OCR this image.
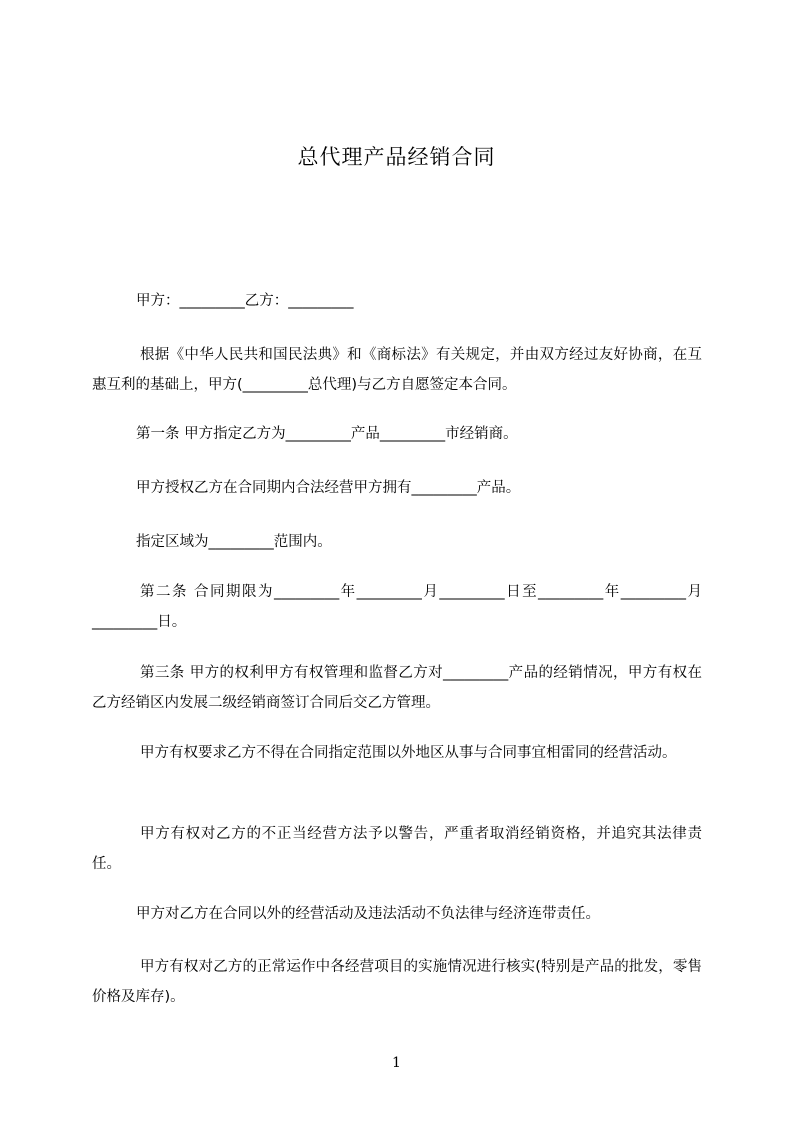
总代理产品经销合同

甲方：_________乙方：_________

根据《中华人民共和国民法典》和《商标法》有关规定，并由双方经过友好协商，在互惠互利的基础上，甲方(_________总代理)与乙方自愿签定本合同。

第一条 甲方指定乙方为_________产品_________市经销商。

甲方授权乙方在合同期内合法经营甲方拥有_________产品。

指定区域为_________范围内。

第二条 合同期限为_________年_________月_________日至_________年_________月_________日。

第三条 甲方的权利甲方有权管理和监督乙方对_________产品的经销情况，甲方有权在乙方经销区内发展二级经销商签订合同后交乙方管理。

甲方有权要求乙方不得在合同指定范围以外地区从事与合同事宜相雷同的经营活动。

甲方有权对乙方的不正当经营方法予以警告，严重者取消经销资格，并追究其法律责任。

甲方对乙方在合同以外的经营活动及违法活动不负法律与经济连带责任。

甲方有权对乙方的正常运作中各经营项目的实施情况进行核实(特别是产品的批发，零售价格及库存)。

1
